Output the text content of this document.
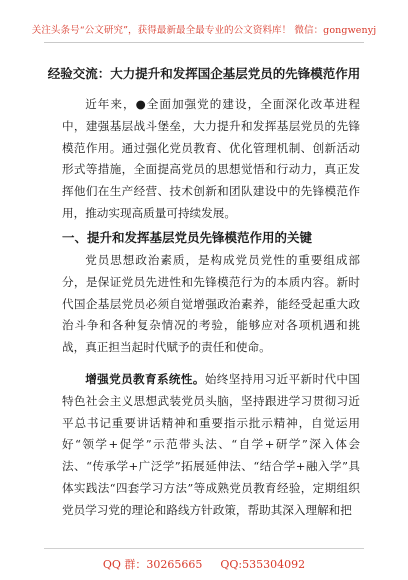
关注头条号“公文研究”，获得最新最全最专业的公文资料库！ 微信：gongwenyj
经验交流：大力提升和发挥国企基层党员的先锋模范作用

近年来，●全面加强党的建设，全面深化改革进程中，建强基层战斗堡垒，大力提升和发挥基层党员的先锋模范作用。通过强化党员教育、优化管理机制、创新活动形式等措施，全面提高党员的思想觉悟和行动力，真正发挥他们在生产经营、技术创新和团队建设中的先锋模范作用，推动实现高质量可持续发展。

一、提升和发挥基层党员先锋模范作用的关键

党员思想政治素质，是构成党员党性的重要组成部分，是保证党员先进性和先锋模范行为的本质内容。新时代国企基层党员必须自觉增强政治素养，能经受起重大政治斗争和各种复杂情况的考验，能够应对各项机遇和挑战，真正担当起时代赋予的责任和使命。

增强党员教育系统性。始终坚持用习近平新时代中国特色社会主义思想武装党员头脑，坚持跟进学习贯彻习近平总书记重要讲话精神和重要指示批示精神，自觉运用好“领学+促学”示范带头法、“自学+研学”深入体会法、“传承学+广泛学”拓展延伸法、“结合学+融入学”具体实践法“四套学习方法”等成熟党员教育经验，定期组织党员学习党的理论和路线方针政策，帮助其深入理解和把

QQ 群：30265665 QQ:535304092
